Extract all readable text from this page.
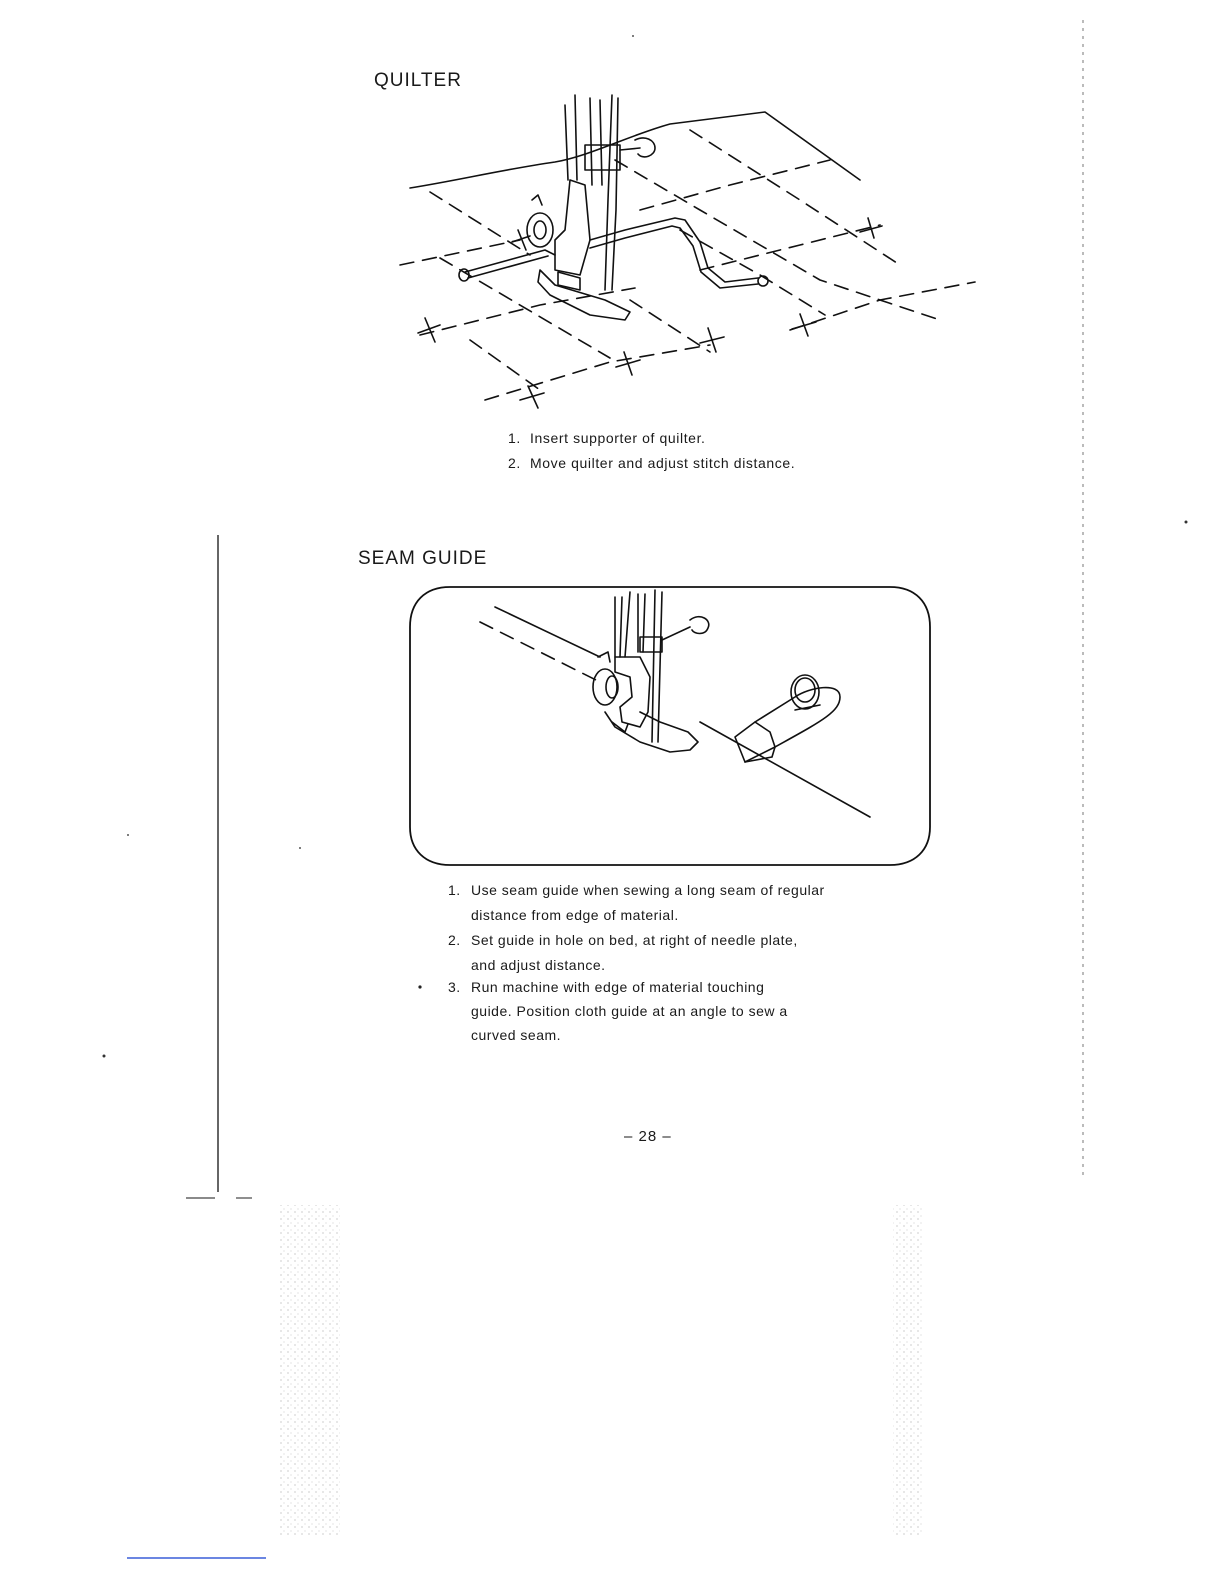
QUILTER
1. Insert supporter of quilter.
2. Move quilter and adjust stitch distance.
SEAM GUIDE
1. Use seam guide when sewing a long seam of regular
distance from edge of material.
2. Set guide in hole on bed, at right of needle plate,
and adjust distance.
3. Run machine with edge of material touching
guide. Position cloth guide at an angle to sew a
curved seam.
– 28 –
